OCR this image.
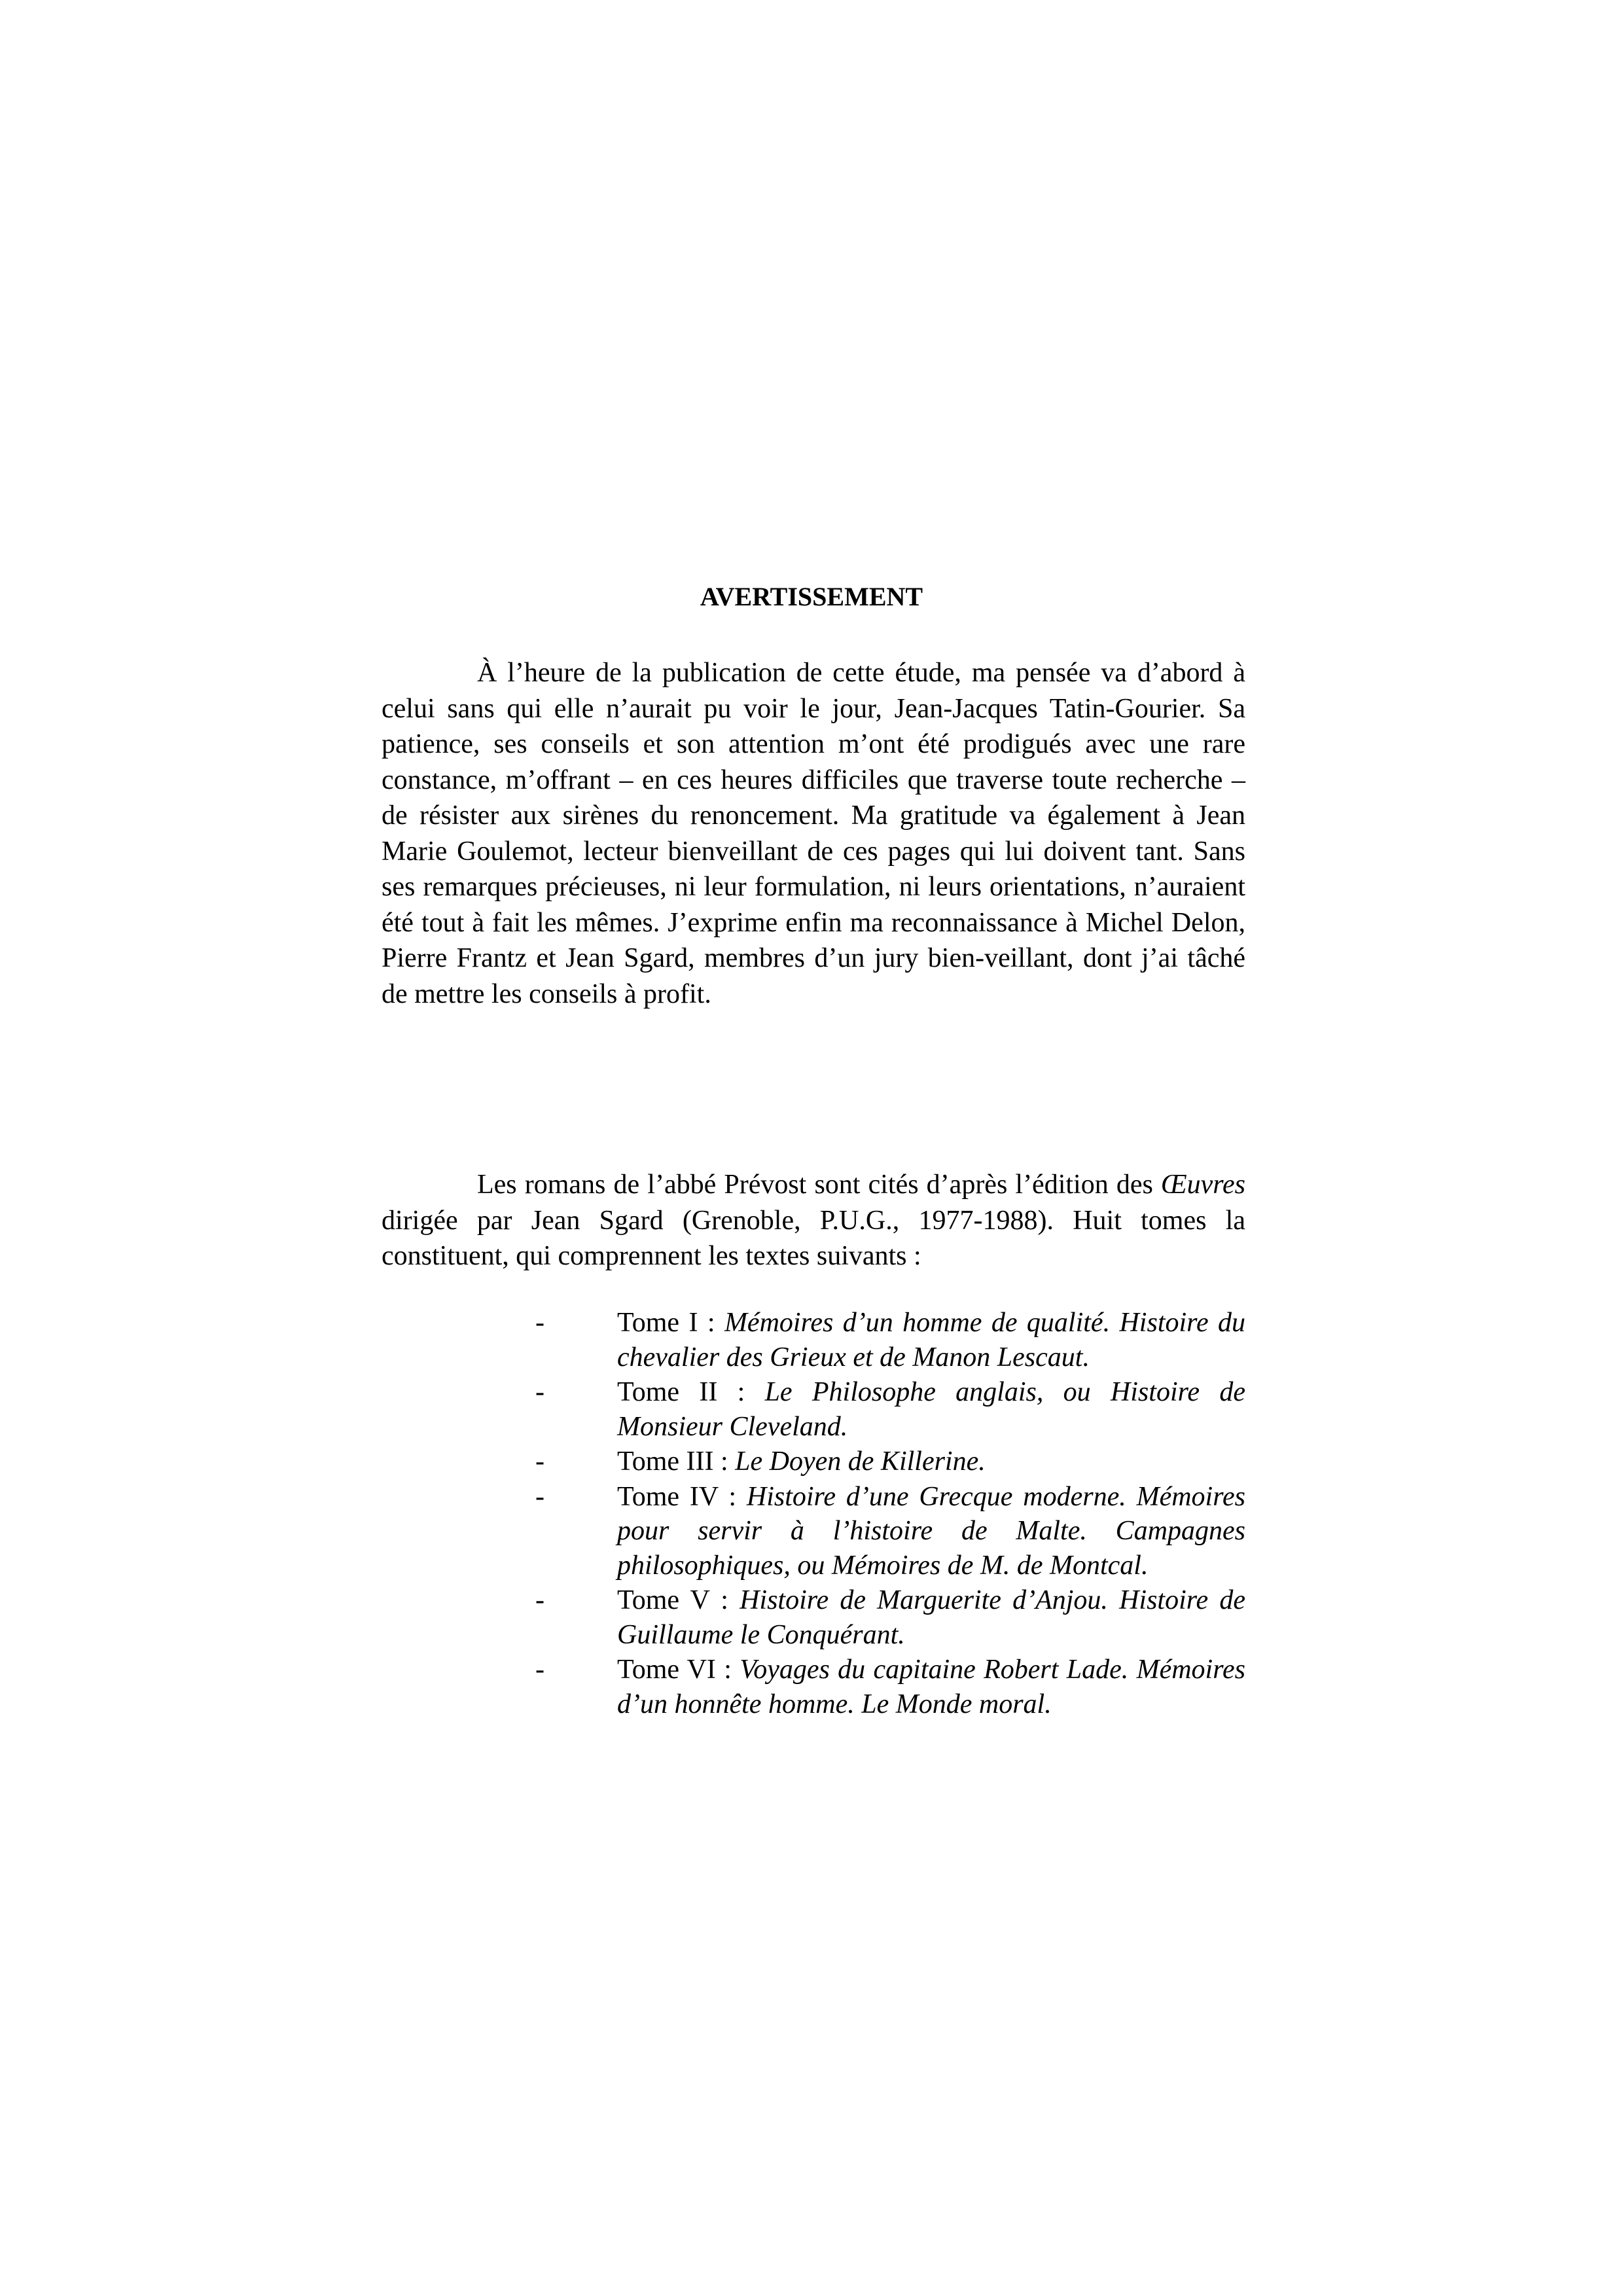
AVERTISSEMENT

À l’heure de la publication de cette étude, ma pensée va d’abord à celui sans qui elle n’aurait pu voir le jour, Jean-Jacques Tatin-Gourier. Sa patience, ses conseils et son attention m’ont été prodigués avec une rare constance, m’offrant – en ces heures difficiles que traverse toute recherche – de résister aux sirènes du renoncement. Ma gratitude va également à Jean Marie Goulemot, lecteur bienveillant de ces pages qui lui doivent tant. Sans ses remarques précieuses, ni leur formulation, ni leurs orientations, n’auraient été tout à fait les mêmes. J’exprime enfin ma reconnaissance à Michel Delon, Pierre Frantz et Jean Sgard, membres d’un jury bien-veillant, dont j’ai tâché de mettre les conseils à profit.

Les romans de l’abbé Prévost sont cités d’après l’édition des Œuvres dirigée par Jean Sgard (Grenoble, P.U.G., 1977-1988). Huit tomes la constituent, qui comprennent les textes suivants :

-	Tome I : Mémoires d’un homme de qualité. Histoire du chevalier des Grieux et de Manon Lescaut.
-	Tome II : Le Philosophe anglais, ou Histoire de Monsieur Cleveland.
-	Tome III : Le Doyen de Killerine.
-	Tome IV : Histoire d’une Grecque moderne. Mémoires pour servir à l’histoire de Malte. Campagnes philosophiques, ou Mémoires de M. de Montcal.
-	Tome V : Histoire de Marguerite d’Anjou. Histoire de Guillaume le Conquérant.
-	Tome VI : Voyages du capitaine Robert Lade. Mémoires d’un honnête homme. Le Monde moral.
